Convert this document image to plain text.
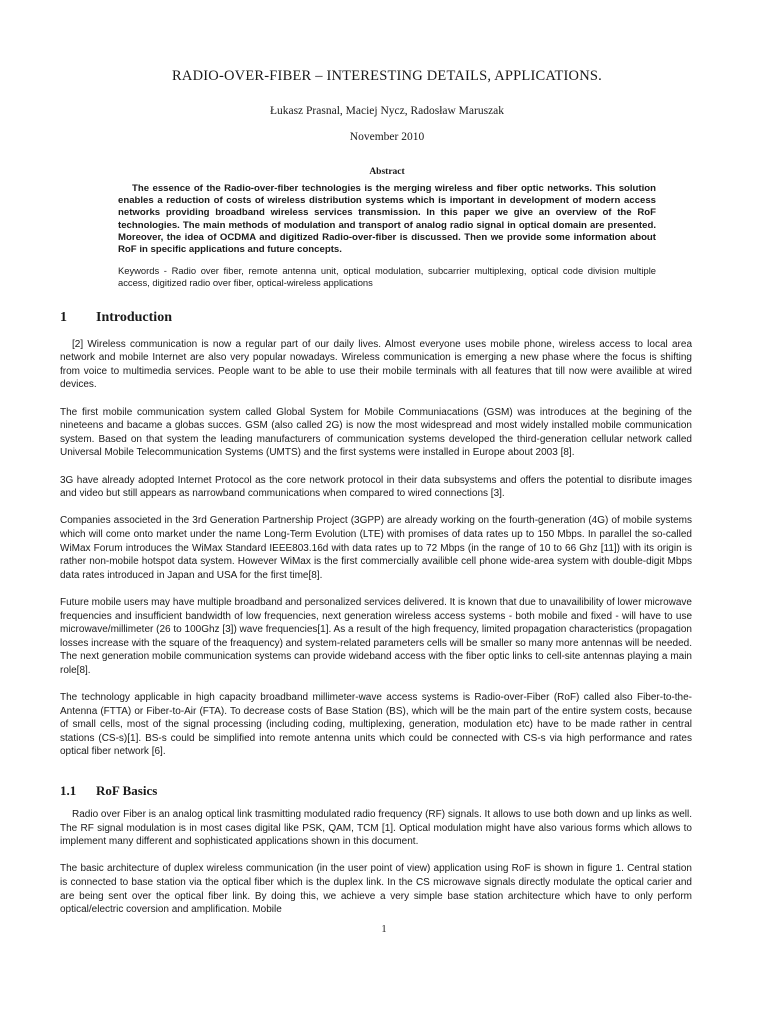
RADIO-OVER-FIBER – INTERESTING DETAILS, APPLICATIONS.
Łukasz Prasnal, Maciej Nycz, Radosław Maruszak
November 2010
Abstract
The essence of the Radio-over-fiber technologies is the merging wireless and fiber optic networks. This solution enables a reduction of costs of wireless distribution systems which is important in development of modern access networks providing broadband wireless services transmission. In this paper we give an overview of the RoF technologies. The main methods of modulation and transport of analog radio signal in optical domain are presented. Moreover, the idea of OCDMA and digitized Radio-over-fiber is discussed. Then we provide some information about RoF in specific applications and future concepts.
Keywords - Radio over fiber, remote antenna unit, optical modulation, subcarrier multiplexing, optical code division multiple access, digitized radio over fiber, optical-wireless applications
1 Introduction

[2] Wireless communication is now a regular part of our daily lives. Almost everyone uses mobile phone, wireless access to local area network and mobile Internet are also very popular nowadays. Wireless communication is emerging a new phase where the focus is shifting from voice to multimedia services. People want to be able to use their mobile terminals with all features that till now were availible at wired devices.

The first mobile communication system called Global System for Mobile Communiacations (GSM) was introduces at the begining of the nineteens and bacame a globas succes. GSM (also called 2G) is now the most widespread and most widely installed mobile communication system. Based on that system the leading manufacturers of communication systems developed the third-generation cellular network called Universal Mobile Telecommunication Systems (UMTS) and the first systems were installed in Europe about 2003 [8].

3G have already adopted Internet Protocol as the core network protocol in their data subsystems and offers the potential to disribute images and video but still appears as narrowband communications when compared to wired connections [3].

Companies associeted in the 3rd Generation Partnership Project (3GPP) are already working on the fourth-generation (4G) of mobile systems which will come onto market under the name Long-Term Evolution (LTE) with promises of data rates up to 150 Mbps. In parallel the so-called WiMax Forum introduces the WiMax Standard IEEE803.16d with data rates up to 72 Mbps (in the range of 10 to 66 Ghz [11]) with its origin is rather non-mobile hotspot data system. However WiMax is the first commercially availible cell phone wide-area system with double-digit Mbps data rates introduced in Japan and USA for the first time[8].

Future mobile users may have multiple broadband and personalized services delivered. It is known that due to unavailibility of lower microwave frequencies and insufficient bandwidth of low frequencies, next generation wireless access systems - both mobile and fixed - will have to use microwave/millimeter (26 to 100Ghz [3]) wave frequencies[1]. As a result of the high frequency, limited propagation characteristics (propagation losses increase with the square of the freaquency) and system-related parameters cells will be smaller so many more antennas will be needed. The next generation mobile communication systems can provide wideband access with the fiber optic links to cell-site antennas playing a main role[8].

The technology applicable in high capacity broadband millimeter-wave access systems is Radio-over-Fiber (RoF) called also Fiber-to-the-Antenna (FTTA) or Fiber-to-Air (FTA). To decrease costs of Base Station (BS), which will be the main part of the entire system costs, because of small cells, most of the signal processing (including coding, multiplexing, generation, modulation etc) have to be made rather in central stations (CS-s)[1]. BS-s could be simplified into remote antenna units which could be connected with CS-s via high performance and rates optical fiber network [6].

1.1 RoF Basics

Radio over Fiber is an analog optical link trasmitting modulated radio frequency (RF) signals. It allows to use both down and up links as well. The RF signal modulation is in most cases digital like PSK, QAM, TCM [1]. Optical modulation might have also various forms which allows to implement many different and sophisticated applications shown in this document.

The basic architecture of duplex wireless communication (in the user point of view) application using RoF is shown in figure 1. Central station is connected to base station via the optical fiber which is the duplex link. In the CS microwave signals directly modulate the optical carier and are being sent over the optical fiber link. By doing this, we achieve a very simple base station architecture which have to only perform optical/electric coversion and amplification. Mobile

1
